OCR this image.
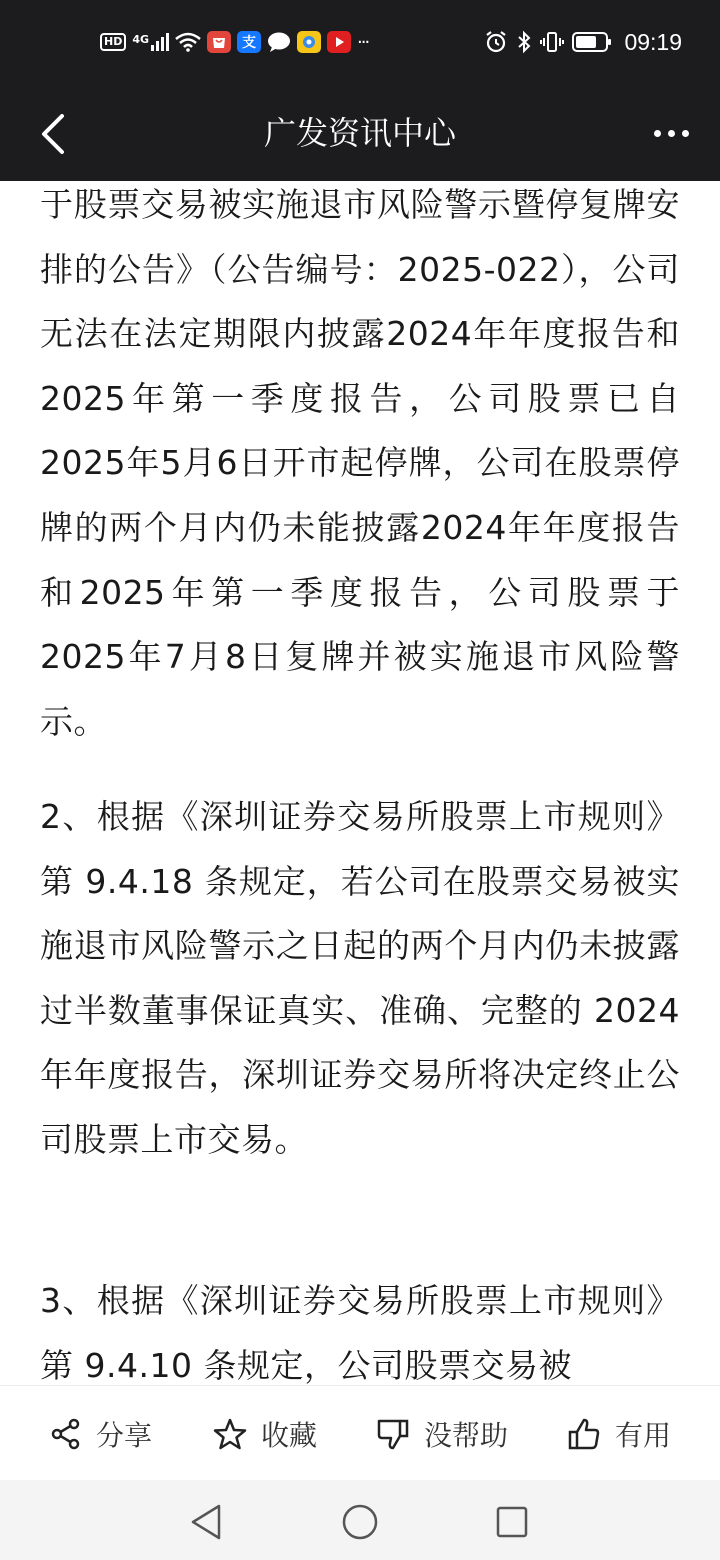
HD 4G	支	···	09:19
广发资讯中心

于股票交易被实施退市风险警示暨停复牌安排的公告》（公告编号：2025-022），公司无法在法定期限内披露2024年年度报告和2025年第一季度报告，公司股票已自2025年5月6日开市起停牌，公司在股票停牌的两个月内仍未能披露2024年年度报告和2025年第一季度报告，公司股票于2025年7月8日复牌并被实施退市风险警示。

2、根据《深圳证券交易所股票上市规则》第 9.4.18 条规定，若公司在股票交易被实施退市风险警示之日起的两个月内仍未披露过半数董事保证真实、准确、完整的 2024 年年度报告，深圳证券交易所将决定终止公司股票上市交易。

3、根据《深圳证券交易所股票上市规则》第 9.4.10 条规定，公司股票交易被

分享	收藏	没帮助	有用
